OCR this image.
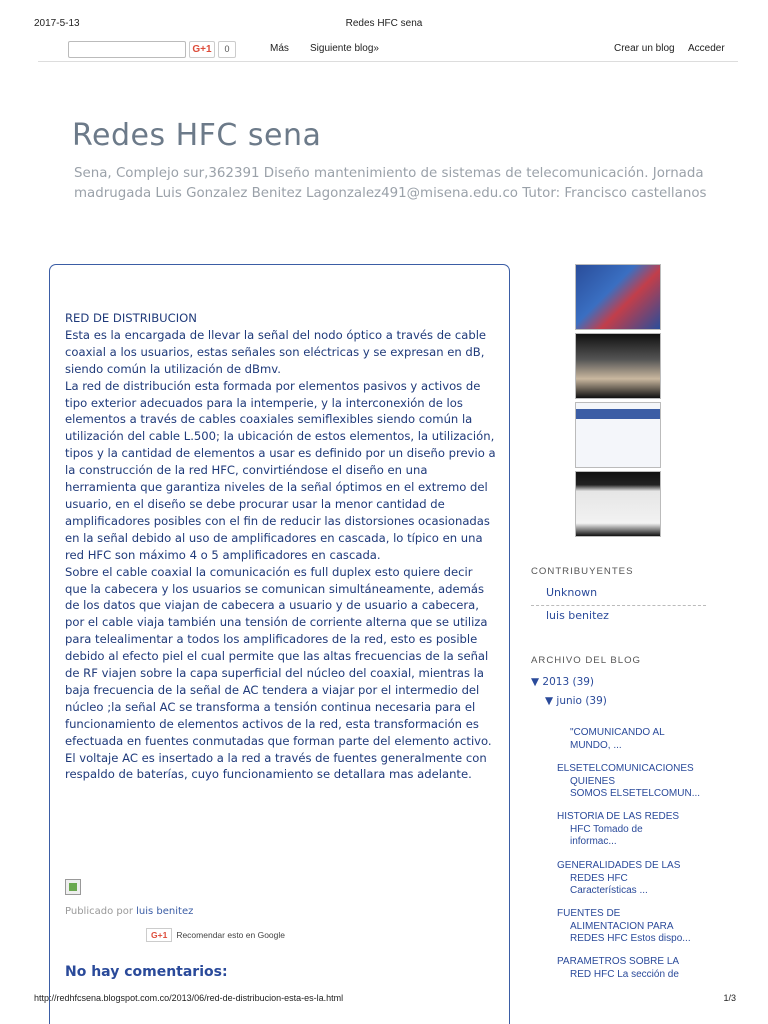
2017-5-13	Redes HFC sena
G+1	0	Más Siguiente blog»	Crear un blog Acceder
Redes HFC sena
Sena, Complejo sur,362391 Diseño mantenimiento de sistemas de telecomunicación. Jornada madrugada Luis Gonzalez Benitez Lagonzalez491@misena.edu.co Tutor: Francisco castellanos

RED DE DISTRIBUCION

Esta es la encargada de llevar la señal del nodo óptico a través de cable coaxial a los usuarios, estas señales son eléctricas y se expresan en dB, siendo común la utilización de dBmv.

La red de distribución esta formada por elementos pasivos y activos de tipo exterior adecuados para la intemperie, y la interconexión de los elementos a través de cables coaxiales semiflexibles siendo común la utilización del cable L.500; la ubicación de estos elementos, la utilización, tipos y la cantidad de elementos a usar es definido por un diseño previo a la construcción de la red HFC, convirtiéndose el diseño en una herramienta que garantiza niveles de la señal óptimos en el extremo del usuario, en el diseño se debe procurar usar la menor cantidad de amplificadores posibles con el fin de reducir las distorsiones ocasionadas en la señal debido al uso de amplificadores en cascada, lo típico en una red HFC son máximo 4 o 5 amplificadores en cascada.

Sobre el cable coaxial la comunicación es full duplex esto quiere decir que la cabecera y los usuarios se comunican simultáneamente, además de los datos que viajan de cabecera a usuario y de usuario a cabecera, por el cable viaja también una tensión de corriente alterna que se utiliza para telealimentar a todos los amplificadores de la red, esto es posible debido al efecto piel el cual permite que las altas frecuencias de la señal de RF viajen sobre la capa superficial del núcleo del coaxial, mientras la baja frecuencia de la señal de AC tendera a viajar por el intermedio del núcleo ;la señal AC se transforma a tensión continua necesaria para el funcionamiento de elementos activos de la red, esta transformación es efectuada en fuentes conmutadas que forman parte del elemento activo. El voltaje AC es insertado a la red a través de fuentes generalmente con respaldo de baterías, cuyo funcionamiento se detallara mas adelante.

Publicado por luis benitez
G+1 Recomendar esto en Google
No hay comentarios:
CONTRIBUYENTES
Unknown
luis benitez
ARCHIVO DEL BLOG
▼ 2013 (39)
▼ junio (39)
"COMUNICANDO AL
MUNDO, ...
ELSETELCOMUNICACIONES
QUIENES
SOMOS ELSETELCOMUN...
HISTORIA DE LAS REDES
HFC Tomado de
informac...
GENERALIDADES DE LAS
REDES HFC
Características ...
FUENTES DE
ALIMENTACION PARA
REDES HFC Estos dispo...
PARAMETROS SOBRE LA
RED HFC La sección de
http://redhfcsena.blogspot.com.co/2013/06/red-de-distribucion-esta-es-la.html	1/3
